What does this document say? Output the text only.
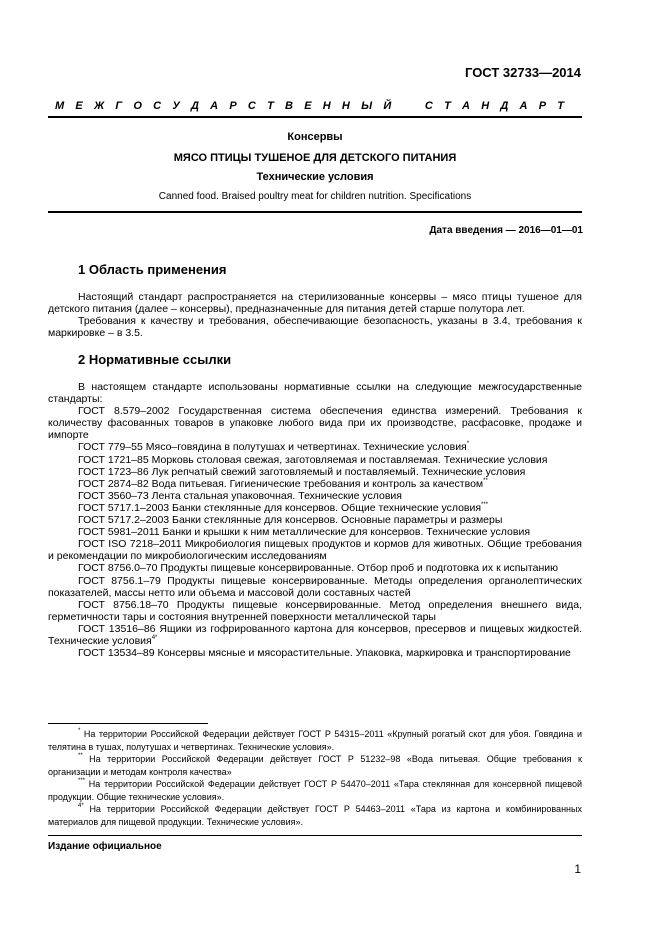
ГОСТ 32733—2014
М Е Ж Г О С У Д А Р С Т В Е Н Н Ы Й	С Т А Н Д А Р Т
Консервы
МЯСО ПТИЦЫ ТУШЕНОЕ ДЛЯ ДЕТСКОГО ПИТАНИЯ
Технические условия
Canned food. Braised poultry meat for children nutrition. Specifications
Дата введения — 2016—01—01
1 Область применения

Настоящий стандарт распространяется на стерилизованные консервы – мясо птицы тушеное для детского питания (далее – консервы), предназначенные для питания детей старше полутора лет.

Требования к качеству и требования, обеспечивающие безопасность, указаны в 3.4, требования к маркировке – в 3.5.

2 Нормативные ссылки

В настоящем стандарте использованы нормативные ссылки на следующие межгосударственные стандарты:

ГОСТ 8.579–2002 Государственная система обеспечения единства измерений. Требования к количеству фасованных товаров в упаковке любого вида при их производстве, расфасовке, продаже и импорте

ГОСТ 779–55 Мясо–говядина в полутушах и четвертинах. Технические условия*

ГОСТ 1721–85 Морковь столовая свежая, заготовляемая и поставляемая. Технические условия

ГОСТ 1723–86 Лук репчатый свежий заготовляемый и поставляемый. Технические условия

ГОСТ 2874–82 Вода питьевая. Гигиенические требования и контроль за качеством**

ГОСТ 3560–73 Лента стальная упаковочная. Технические условия

ГОСТ 5717.1–2003 Банки стеклянные для консервов. Общие технические условия***

ГОСТ 5717.2–2003 Банки стеклянные для консервов. Основные параметры и размеры

ГОСТ 5981–2011 Банки и крышки к ним металлические для консервов. Технические условия

ГОСТ ISO 7218–2011 Микробиология пищевых продуктов и кормов для животных. Общие требования и рекомендации по микробиологическим исследованиям

ГОСТ 8756.0–70 Продукты пищевые консервированные. Отбор проб и подготовка их к испытанию

ГОСТ 8756.1–79 Продукты пищевые консервированные. Методы определения органолептических показателей, массы нетто или объема и массовой доли составных частей

ГОСТ 8756.18–70 Продукты пищевые консервированные. Метод определения внешнего вида, герметичности тары и состояния внутренней поверхности металлической тары

ГОСТ 13516–86 Ящики из гофрированного картона для консервов, пресервов и пищевых жидкостей. Технические условия$^{4*}$

ГОСТ 13534–89 Консервы мясные и мясорастительные. Упаковка, маркировка и транспортирование

* На территории Российской Федерации действует ГОСТ Р 54315–2011 «Крупный рогатый скот для убоя. Говядина и телятина в тушах, полутушах и четвертинах. Технические условия».

** На территории Российской Федерации действует ГОСТ Р 51232–98 «Вода питьевая. Общие требования к организации и методам контроля качества»

*** На территории Российской Федерации действует ГОСТ Р 54470–2011 «Тара стеклянная для консервной пищевой продукции. Общие технические условия».

$^{4*}$ На территории Российской Федерации действует ГОСТ Р 54463–2011 «Тара из картона и комбинированных материалов для пищевой продукции. Технические условия».

Издание официальное
1
